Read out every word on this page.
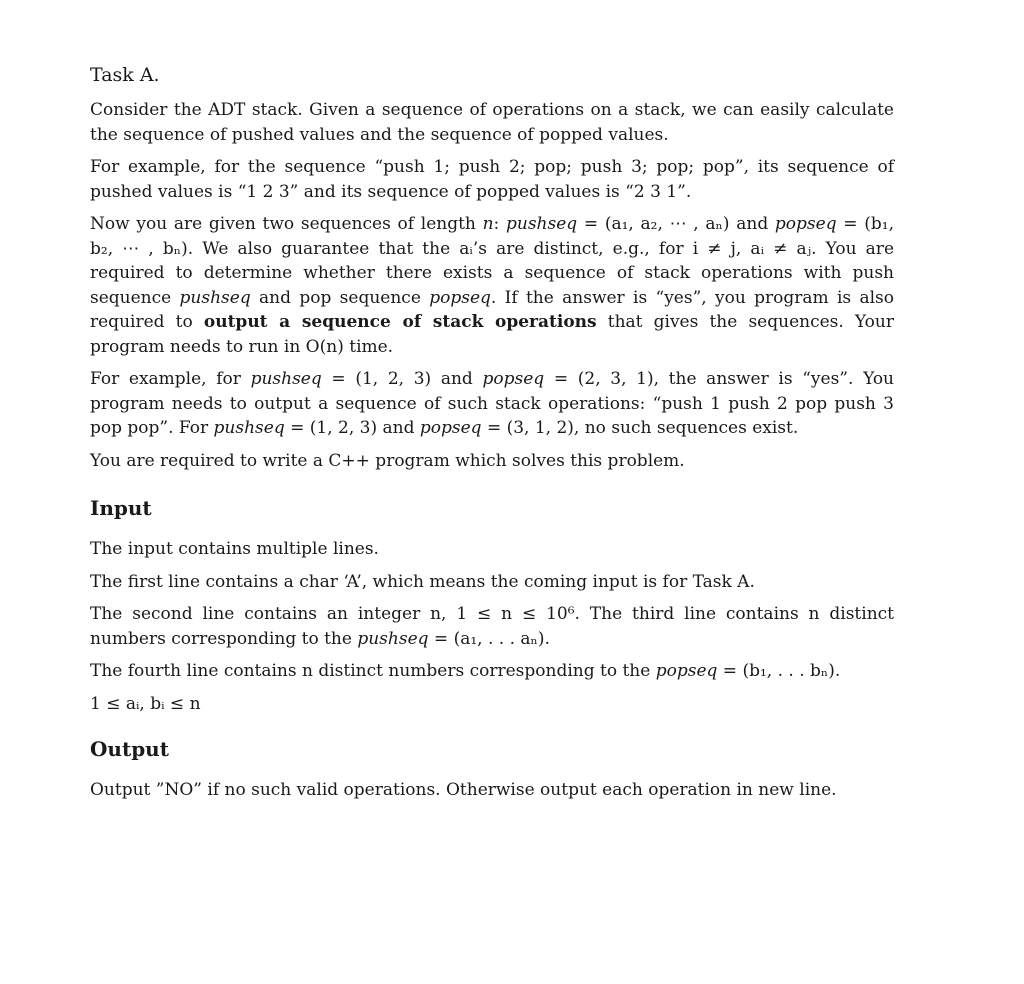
Task A.

Consider the ADT stack. Given a sequence of operations on a stack, we can easily calculate the sequence of pushed values and the sequence of popped values.

For example, for the sequence “push 1; push 2; pop; push 3; pop; pop”, its sequence of pushed values is “1 2 3” and its sequence of popped values is “2 3 1”.

Now you are given two sequences of length n: pushseq = (a₁, a₂, ⋯ , aₙ) and popseq = (b₁, b₂, ⋯ , bₙ). We also guarantee that the aᵢ’s are distinct, e.g., for i ≠ j, aᵢ ≠ aⱼ. You are required to determine whether there exists a sequence of stack operations with push sequence pushseq and pop sequence popseq. If the answer is “yes”, you program is also required to output a sequence of stack operations that gives the sequences. Your program needs to run in O(n) time.

For example, for pushseq = (1, 2, 3) and popseq = (2, 3, 1), the answer is “yes”. You program needs to output a sequence of such stack operations: “push 1 push 2 pop push 3 pop pop”. For pushseq = (1, 2, 3) and popseq = (3, 1, 2), no such sequences exist.

You are required to write a C++ program which solves this problem.

Input

The input contains multiple lines.

The first line contains a char ‘A’, which means the coming input is for Task A.

The second line contains an integer n, 1 ≤ n ≤ 10⁶. The third line contains n distinct numbers corresponding to the pushseq = (a₁, . . . aₙ).

The fourth line contains n distinct numbers corresponding to the popseq = (b₁, . . . bₙ).

1 ≤ aᵢ, bᵢ ≤ n

Output

Output ”NO” if no such valid operations. Otherwise output each operation in new line.
